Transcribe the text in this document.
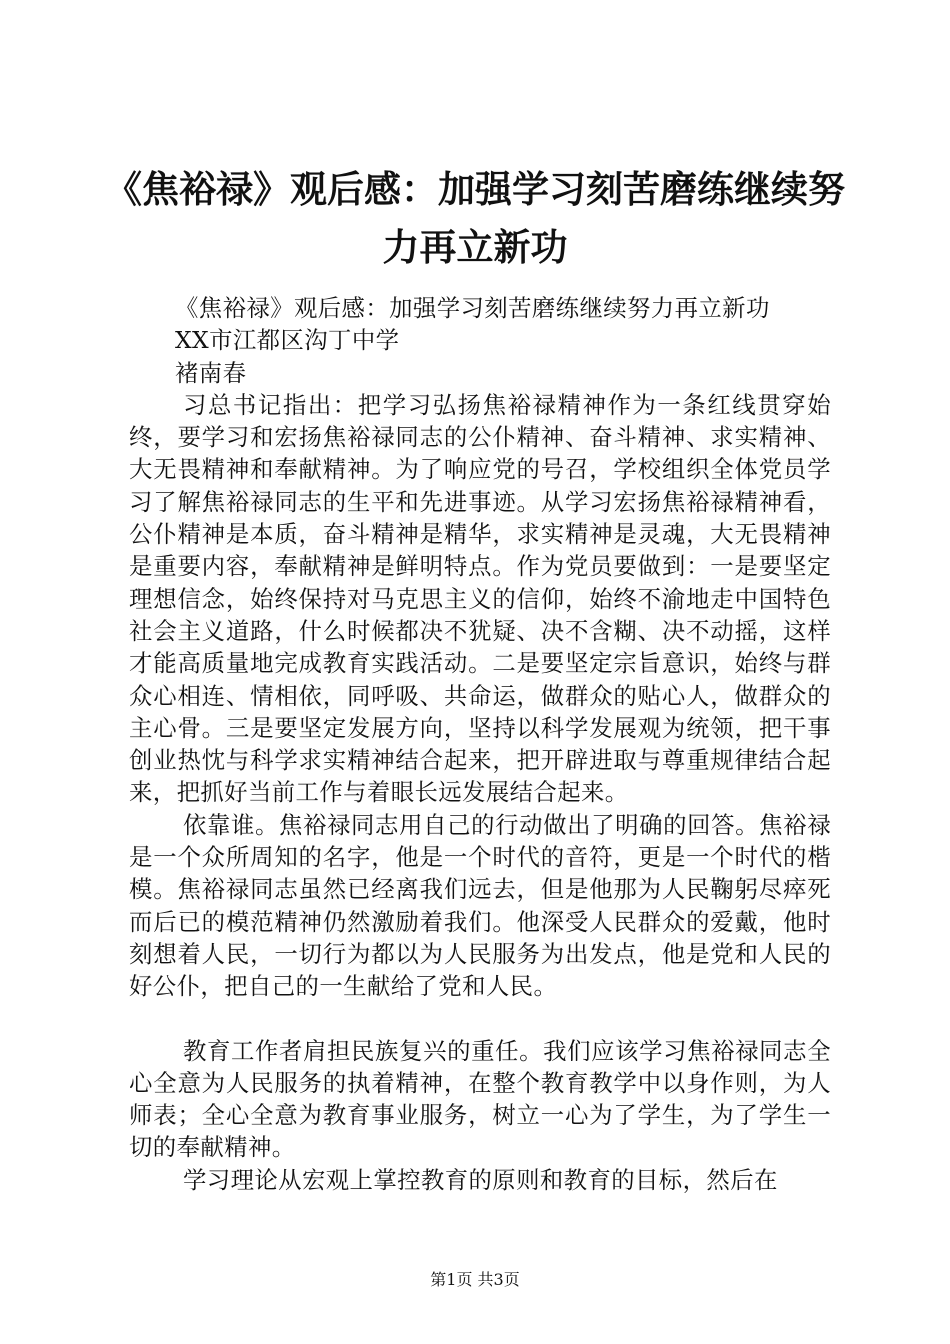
《焦裕禄》观后感：加强学习刻苦磨练继续努力再立新功

《焦裕禄》观后感：加强学习刻苦磨练继续努力再立新功

XX市江都区沟丁中学

褚南春

习总书记指出：把学习弘扬焦裕禄精神作为一条红线贯穿始终，要学习和宏扬焦裕禄同志的公仆精神、奋斗精神、求实精神、大无畏精神和奉献精神。为了响应党的号召，学校组织全体党员学习了解焦裕禄同志的生平和先进事迹。从学习宏扬焦裕禄精神看，公仆精神是本质，奋斗精神是精华，求实精神是灵魂，大无畏精神是重要内容，奉献精神是鲜明特点。作为党员要做到：一是要坚定理想信念，始终保持对马克思主义的信仰，始终不渝地走中国特色社会主义道路，什么时候都决不犹疑、决不含糊、决不动摇，这样才能高质量地完成教育实践活动。二是要坚定宗旨意识，始终与群众心相连、情相依，同呼吸、共命运，做群众的贴心人，做群众的主心骨。三是要坚定发展方向，坚持以科学发展观为统领，把干事创业热忱与科学求实精神结合起来，把开辟进取与尊重规律结合起来，把抓好当前工作与着眼长远发展结合起来。

依靠谁。焦裕禄同志用自己的行动做出了明确的回答。焦裕禄是一个众所周知的名字，他是一个时代的音符，更是一个时代的楷模。焦裕禄同志虽然已经离我们远去，但是他那为人民鞠躬尽瘁死而后已的模范精神仍然激励着我们。他深受人民群众的爱戴，他时刻想着人民，一切行为都以为人民服务为出发点，他是党和人民的好公仆，把自己的一生献给了党和人民。

教育工作者肩担民族复兴的重任。我们应该学习焦裕禄同志全心全意为人民服务的执着精神，在整个教育教学中以身作则，为人师表；全心全意为教育事业服务，树立一心为了学生，为了学生一切的奉献精神。

学习理论从宏观上掌控教育的原则和教育的目标，然后在

第1页 共3页
